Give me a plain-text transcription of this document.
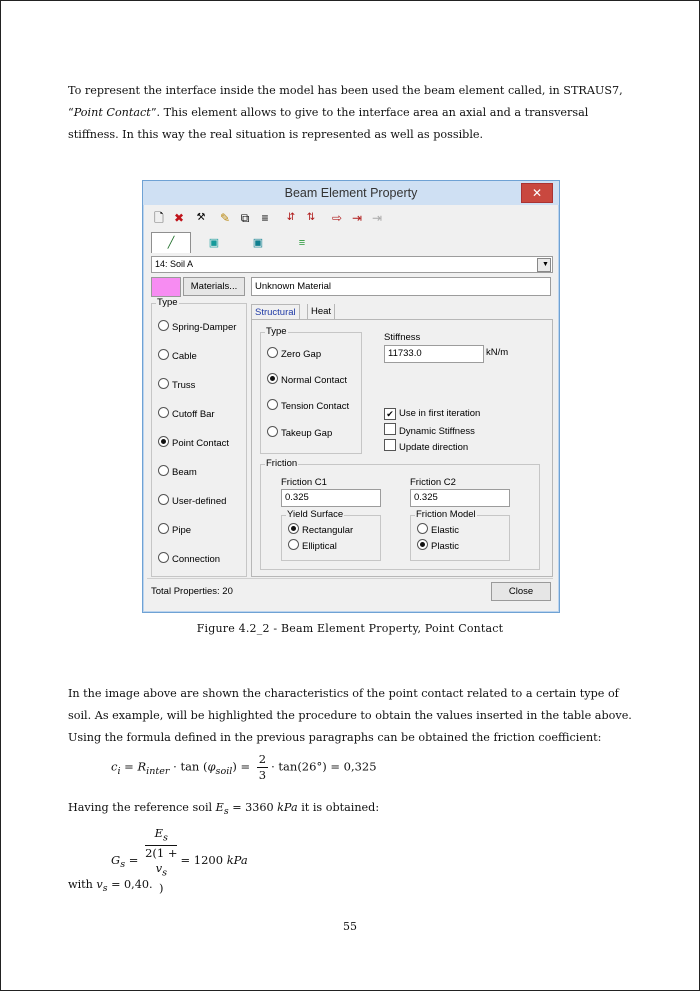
To represent the interface inside the model has been used the beam element called, in STRAUS7,

“Point Contact”. This element allows to give to the interface area an axial and a transversal

stiffness. In this way the real situation is represented as well as possible.

Beam Element Property	✕
🗋 ✖	⚒ ✎ ⧉	≡	⇵	⇅	⇨ ⇥ ⇥
╱	▣	▣	≡
14: Soil A	▼
Materials...	Unknown Material
Type
Spring-Damper
Cable
Truss
Cutoff Bar
Point Contact
Beam
User-defined
Pipe
Connection
Structural	Heat
Type
Zero Gap
Normal Contact
Tension Contact
Takeup Gap
Stiffness
11733.0	kN/m
✔ Use in first iteration
Dynamic Stiffness
Update direction
Friction
Friction C1
0.325
Friction C2
0.325
Yield Surface
Rectangular
Elliptical
Friction Model
Elastic
Plastic
Total Properties: 20	Close
Figure 4.2_2 - Beam Element Property, Point Contact

In the image above are shown the characteristics of the point contact related to a certain type of

soil. As example, will be highlighted the procedure to obtain the values inserted in the table above.

Using the formula defined in the previous paragraphs can be obtained the friction coefficient:

$c_i = R_{inter} \cdot \tan (\varphi_{soil}) = \frac{2}{3} \cdot \tan(26^\circ) = 0,325$

Having the reference soil $E_s = 3360$ kPa it is obtained:

$G_s = E_s$
2(1 +
$v_s$
) = 1200 kPa

with $v_s = 0,40$.

55
